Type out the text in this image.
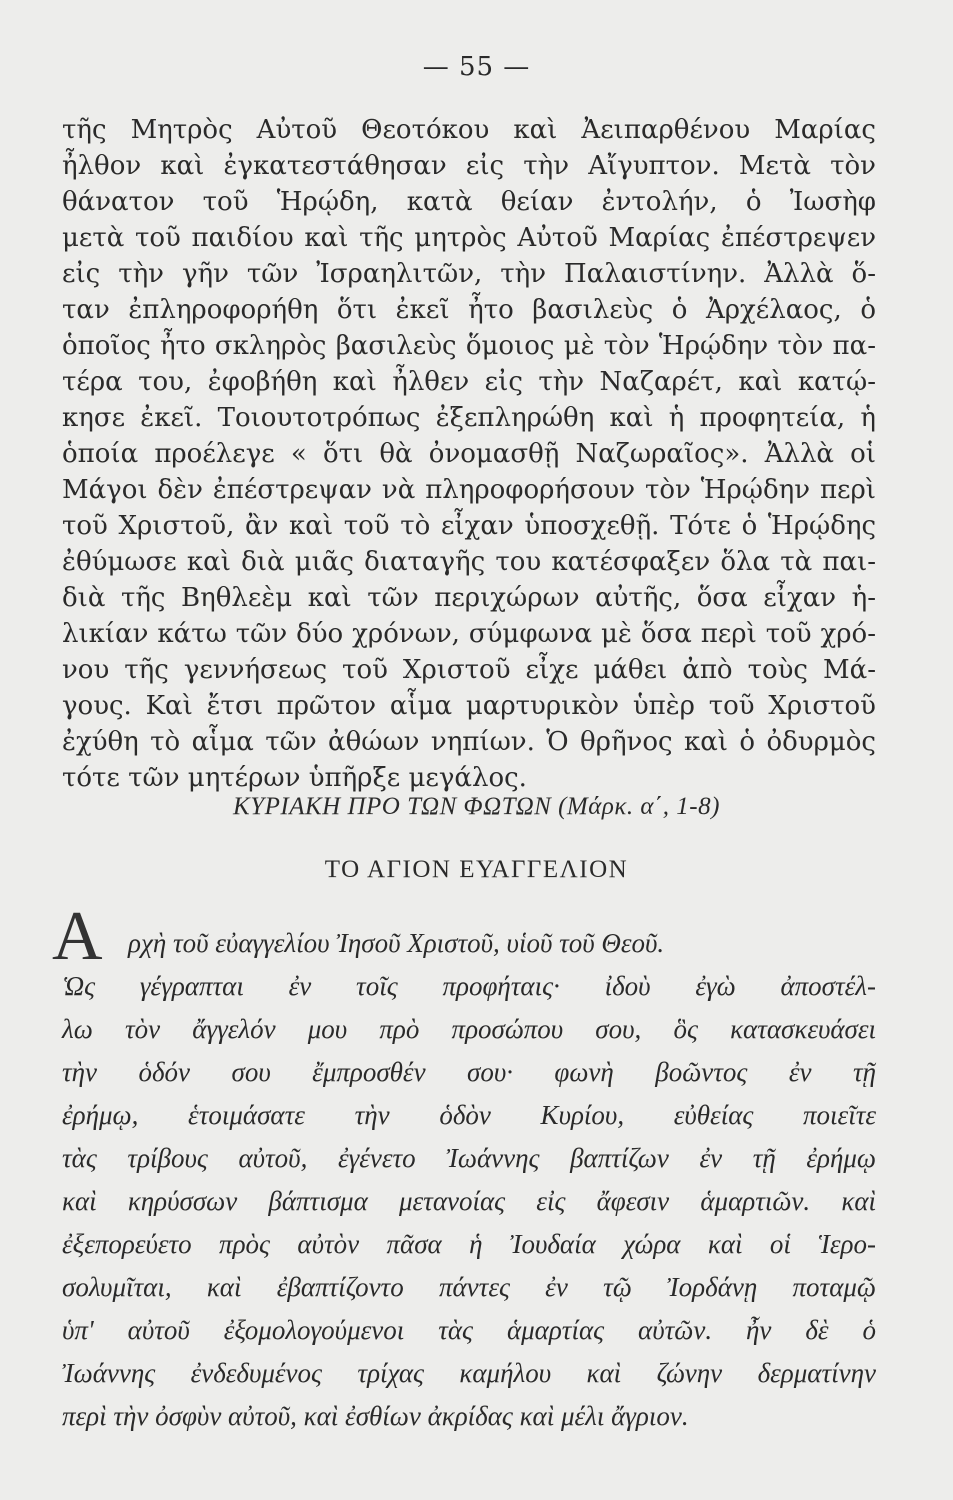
— 55 —
τῆς Μητρὸς Αὐτοῦ Θεοτόκου καὶ Ἀειπαρθένου Μαρίας
ἦλθον καὶ ἐγκατεστάθησαν εἰς τὴν Αἴγυπτον. Μετὰ τὸν
θάνατον τοῦ Ἡρῴδη, κατὰ θείαν ἐντολήν, ὁ Ἰωσὴφ
μετὰ τοῦ παιδίου καὶ τῆς μητρὸς Αὐτοῦ Μαρίας ἐπέστρεψεν
εἰς τὴν γῆν τῶν Ἰσραηλιτῶν, τὴν Παλαιστίνην. Ἀλλὰ ὅ-
ταν ἐπληροφορήθη ὅτι ἐκεῖ ἦτο βασιλεὺς ὁ Ἀρχέλαος, ὁ
ὁποῖος ἦτο σκληρὸς βασιλεὺς ὅμοιος μὲ τὸν Ἡρῴδην τὸν πα-
τέρα του, ἐφοβήθη καὶ ἦλθεν εἰς τὴν Ναζαρέτ, καὶ κατῴ-
κησε ἐκεῖ. Τοιουτοτρόπως ἐξεπληρώθη καὶ ἡ προφητεία, ἡ
ὁποία προέλεγε « ὅτι θὰ ὀνομασθῇ Ναζωραῖος». Ἀλλὰ οἱ
Μάγοι δὲν ἐπέστρεψαν νὰ πληροφορήσουν τὸν Ἡρῴδην περὶ
τοῦ Χριστοῦ, ἂν καὶ τοῦ τὸ εἶχαν ὑποσχεθῇ. Τότε ὁ Ἡρῴδης
ἐθύμωσε καὶ διὰ μιᾶς διαταγῆς του κατέσφαξεν ὅλα τὰ παι-
διὰ τῆς Βηθλεὲμ καὶ τῶν περιχώρων αὐτῆς, ὅσα εἶχαν ἡ-
λικίαν κάτω τῶν δύο χρόνων, σύμφωνα μὲ ὅσα περὶ τοῦ χρό-
νου τῆς γεννήσεως τοῦ Χριστοῦ εἶχε μάθει ἀπὸ τοὺς Μά-
γους. Καὶ ἔτσι πρῶτον αἷμα μαρτυρικὸν ὑπὲρ τοῦ Χριστοῦ
ἐχύθη τὸ αἷμα τῶν ἀθώων νηπίων. Ὁ θρῆνος καὶ ὁ ὀδυρμὸς
τότε τῶν μητέρων ὑπῆρξε μεγάλος.
ΚΥΡΙΑΚΗ ΠΡΟ ΤΩΝ ΦΩΤΩΝ (Μάρκ. α΄, 1-8)
ΤΟ ΑΓΙΟΝ ΕΥΑΓΓΕΛΙΟΝ
Α ρχὴ τοῦ εὐαγγελίου Ἰησοῦ Χριστοῦ, υἱοῦ τοῦ Θεοῦ.
Ὡς γέγραπται ἐν τοῖς προφήταις· ἰδοὺ ἐγὼ ἀποστέλ-
λω τὸν ἄγγελόν μου πρὸ προσώπου σου, ὃς κατασκευάσει
τὴν ὁδόν σου ἔμπροσθέν σου· φωνὴ βοῶντος ἐν τῇ
ἐρήμῳ, ἑτοιμάσατε τὴν ὁδὸν Κυρίου, εὐθείας ποιεῖτε
τὰς τρίβους αὐτοῦ, ἐγένετο Ἰωάννης βαπτίζων ἐν τῇ ἐρήμῳ
καὶ κηρύσσων βάπτισμα μετανοίας εἰς ἄφεσιν ἁμαρτιῶν. καὶ
ἐξεπορεύετο πρὸς αὐτὸν πᾶσα ἡ Ἰουδαία χώρα καὶ οἱ Ἱερο-
σολυμῖται, καὶ ἐβαπτίζοντο πάντες ἐν τῷ Ἰορδάνῃ ποταμῷ
ὑπ' αὐτοῦ ἐξομολογούμενοι τὰς ἁμαρτίας αὐτῶν. ἦν δὲ ὁ
Ἰωάννης ἐνδεδυμένος τρίχας καμήλου καὶ ζώνην δερματίνην
περὶ τὴν ὀσφὺν αὐτοῦ, καὶ ἐσθίων ἀκρίδας καὶ μέλι ἄγριον.
